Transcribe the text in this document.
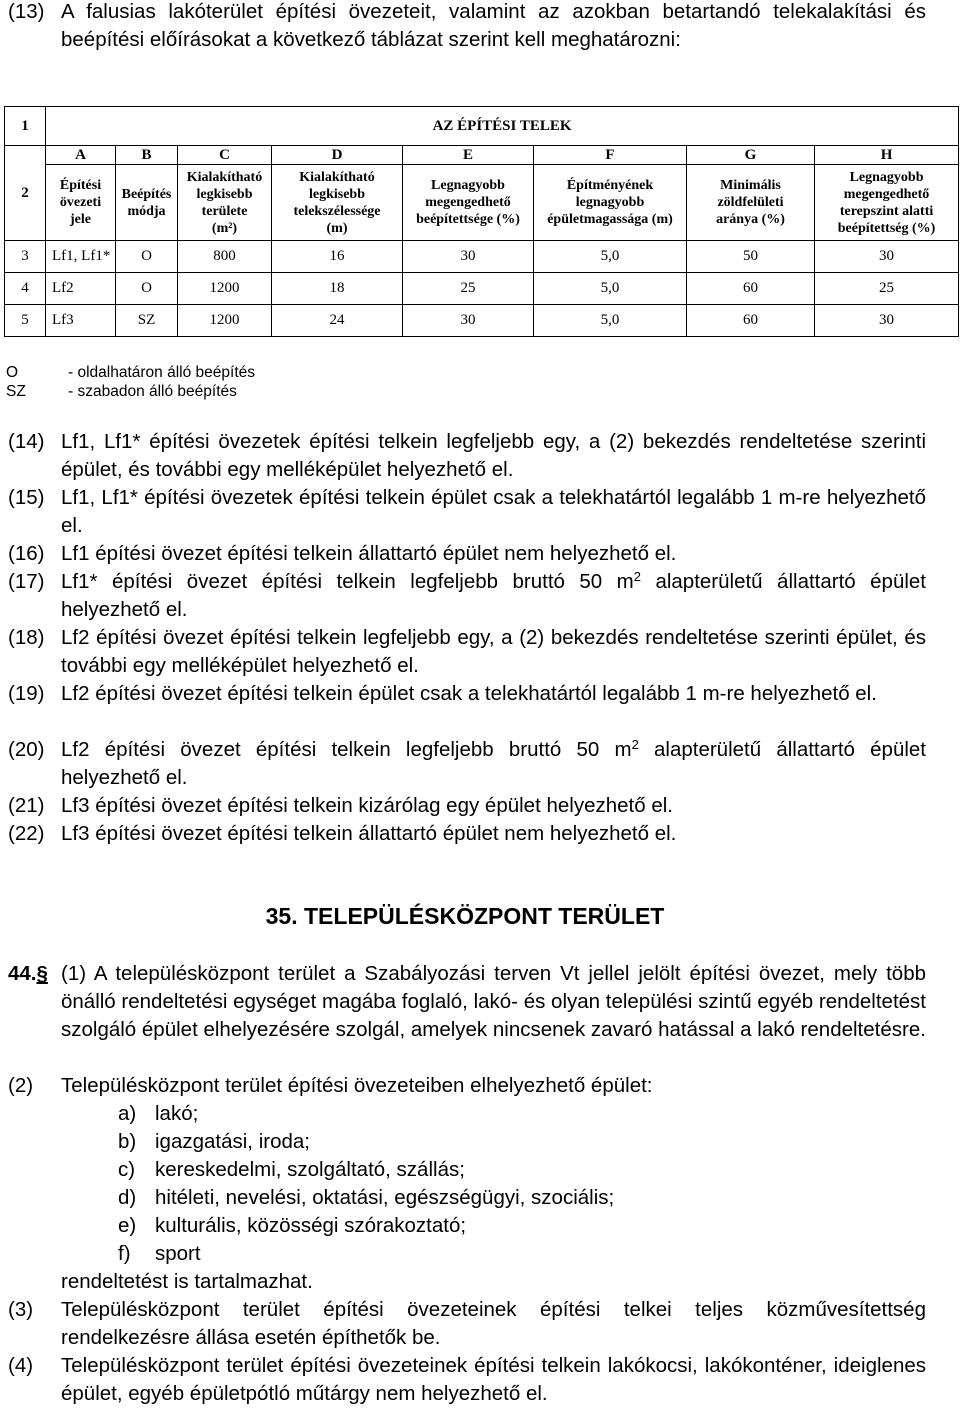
(13) A falusias lakóterület építési övezeteit, valamint az azokban betartandó telekalakítási és beépítési előírásokat a következő táblázat szerint kell meghatározni:
1	AZ ÉPÍTÉSI TELEK							
2	A	B	C	D	E	F	G	H
	Építési
övezeti
jele	Beépítés
módja	Kialakítható
legkisebb
területe
(m²)	Kialakítható
legkisebb
telekszélessége
(m)	Legnagyobb
megengedhető
beépítettsége (%)	Építményének
legnagyobb
épületmagassága (m)	Minimális
zöldfelületi
aránya (%)	Legnagyobb
megengedhető
terepszint alatti
beépítettség (%)
3	Lf1, Lf1*	O	800	16	30	5,0	50	30
4	Lf2	O	1200	18	25	5,0	60	25
5	Lf3	SZ	1200	24	30	5,0	60	30
O	- oldalhatáron álló beépítés
SZ	- szabadon álló beépítés
(14) Lf1, Lf1* építési övezetek építési telkein legfeljebb egy, a (2) bekezdés rendeltetése szerinti épület, és további egy melléképület helyezhető el.
(15) Lf1, Lf1* építési övezetek építési telkein épület csak a telekhatártól legalább 1 m-re helyezhető el.
(16) Lf1 építési övezet építési telkein állattartó épület nem helyezhető el.
(17) Lf1* építési övezet építési telkein legfeljebb bruttó 50 $m^2$ alapterületű állattartó épület helyezhető el.
(18) Lf2 építési övezet építési telkein legfeljebb egy, a (2) bekezdés rendeltetése szerinti épület, és további egy melléképület helyezhető el.
(19) Lf2 építési övezet építési telkein épület csak a telekhatártól legalább 1 m-re helyezhető el.
(20) Lf2 építési övezet építési telkein legfeljebb bruttó 50 $m^2$ alapterületű állattartó épület helyezhető el.
(21) Lf3 építési övezet építési telkein kizárólag egy épület helyezhető el.
(22) Lf3 építési övezet építési telkein állattartó épület nem helyezhető el.
35. TELEPÜLÉSKÖZPONT TERÜLET
44.§ (1) A településközpont terület a Szabályozási terven Vt jellel jelölt építési övezet, mely több önálló rendeltetési egységet magába foglaló, lakó- és olyan települési szintű egyéb rendeltetést szolgáló épület elhelyezésére szolgál, amelyek nincsenek zavaró hatással a lakó rendeltetésre.
(2) Településközpont terület építési övezeteiben elhelyezhető épület:
a) lakó;
b) igazgatási, iroda;
c) kereskedelmi, szolgáltató, szállás;
d) hitéleti, nevelési, oktatási, egészségügyi, szociális;
e) kulturális, közösségi szórakoztató;
f) sport
rendeltetést is tartalmazhat.
(3) Településközpont terület építési övezeteinek építési telkei teljes közművesítettség rendelkezésre állása esetén építhetők be.
(4) Településközpont terület építési övezeteinek építési telkein lakókocsi, lakókonténer, ideiglenes épület, egyéb épületpótló műtárgy nem helyezhető el.
